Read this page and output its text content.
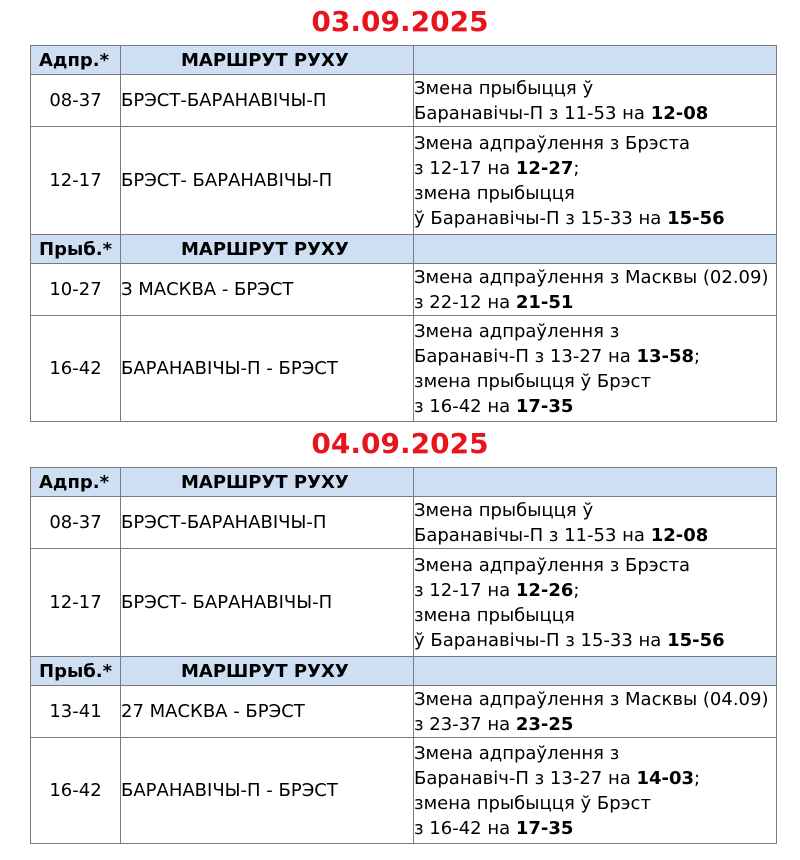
03.09.2025
Адпр.*	МАРШРУТ РУХУ	
08-37	БРЭСТ-БАРАНАВІЧЫ-П	Змена прыбыцця ў
Баранавічы-П з 11-53 на 12-08

12-17	БРЭСТ- БАРАНАВІЧЫ-П	Змена адпраўлення з Брэста
з 12-17 на 12-27;
змена прыбыцця
ў Баранавічы-П з 15-33 на 15-56

Прыб.*	МАРШРУТ РУХУ	
10-27	З МАСКВА - БРЭСТ	Змена адпраўлення з Масквы (02.09)
з 22-12 на 21-51

16-42	БАРАНАВІЧЫ-П - БРЭСТ	Змена адпраўлення з
Баранавіч-П з 13-27 на 13-58;
змена прыбыцця ў Брэст
з 16-42 на 17-35
04.09.2025
Адпр.*	МАРШРУТ РУХУ	
08-37	БРЭСТ-БАРАНАВІЧЫ-П	Змена прыбыцця ў
Баранавічы-П з 11-53 на 12-08

12-17	БРЭСТ- БАРАНАВІЧЫ-П	Змена адпраўлення з Брэста
з 12-17 на 12-26;
змена прыбыцця
ў Баранавічы-П з 15-33 на 15-56

Прыб.*	МАРШРУТ РУХУ	
13-41	27 МАСКВА - БРЭСТ	Змена адпраўлення з Масквы (04.09)
з 23-37 на 23-25

16-42	БАРАНАВІЧЫ-П - БРЭСТ	Змена адпраўлення з
Баранавіч-П з 13-27 на 14-03;
змена прыбыцця ў Брэст
з 16-42 на 17-35
